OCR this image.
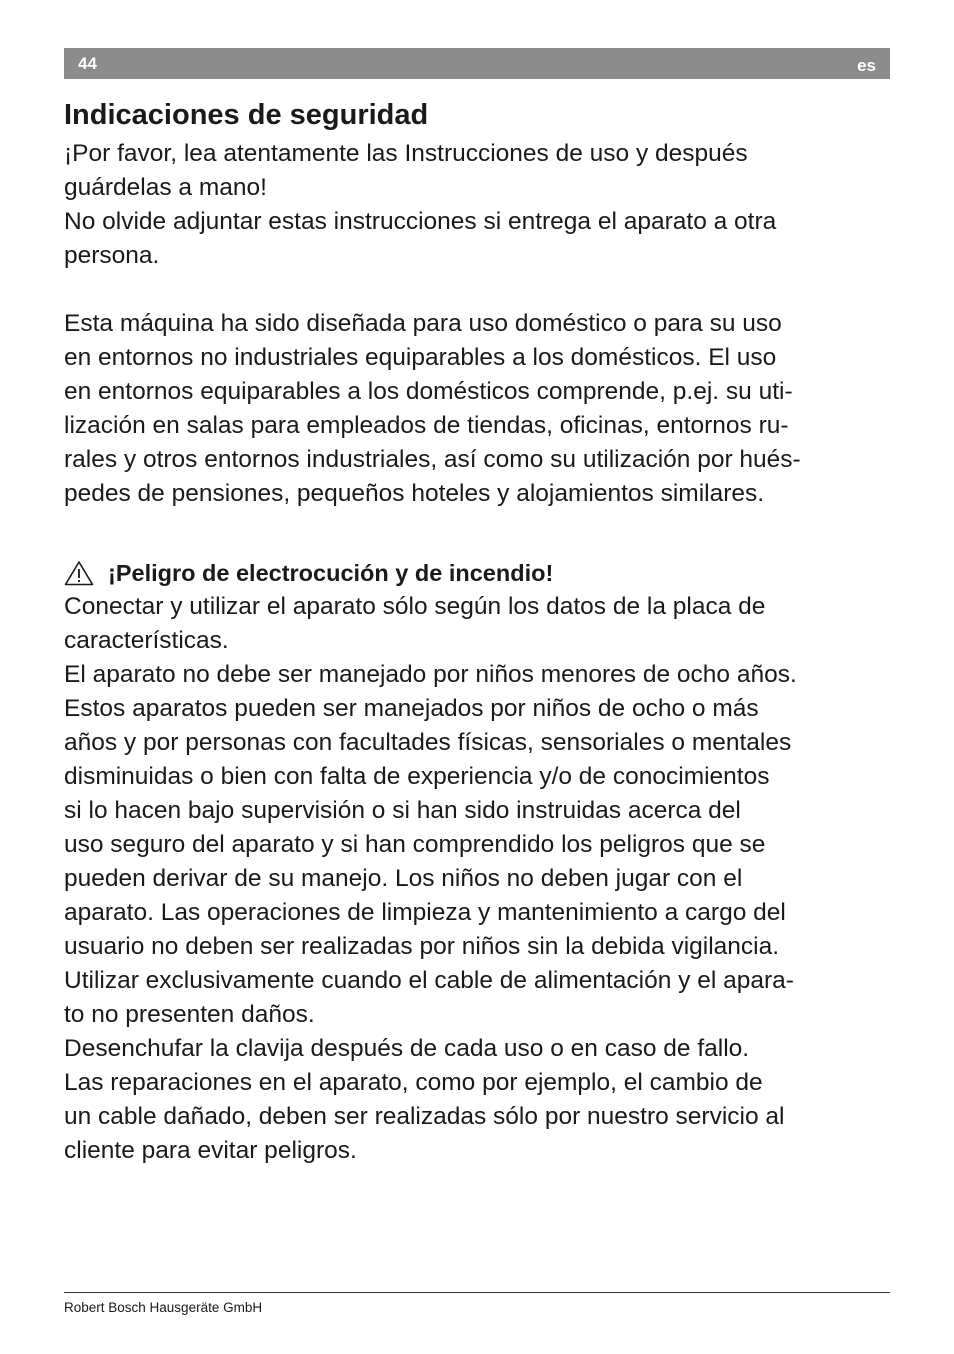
44	es
Indicaciones de seguridad

¡Por favor, lea atentamente las Instrucciones de uso y después
guárdelas a mano!

No olvide adjuntar estas instrucciones si entrega el aparato a otra
persona.

Esta máquina ha sido diseñada para uso doméstico o para su uso
en entornos no industriales equiparables a los domésticos. El uso
en entornos equiparables a los domésticos comprende, p.ej. su uti-
lización en salas para empleados de tiendas, oficinas, entornos ru-
rales y otros entornos industriales, así como su utilización por hués-
pedes de pensiones, pequeños hoteles y alojamientos similares.

¡Peligro de electrocución y de incendio!

Conectar y utilizar el aparato sólo según los datos de la placa de
características.

El aparato no debe ser manejado por niños menores de ocho años.
Estos aparatos pueden ser manejados por niños de ocho o más
años y por personas con facultades físicas, sensoriales o mentales
disminuidas o bien con falta de experiencia y/o de conocimientos
si lo hacen bajo supervisión o si han sido instruidas acerca del
uso seguro del aparato y si han comprendido los peligros que se
pueden derivar de su manejo. Los niños no deben jugar con el
aparato. Las operaciones de limpieza y mantenimiento a cargo del
usuario no deben ser realizadas por niños sin la debida vigilancia.

Utilizar exclusivamente cuando el cable de alimentación y el apara-
to no presenten daños.

Desenchufar la clavija después de cada uso o en caso de fallo.

Las reparaciones en el aparato, como por ejemplo, el cambio de
un cable dañado, deben ser realizadas sólo por nuestro servicio al
cliente para evitar peligros.

Robert Bosch Hausgeräte GmbH
